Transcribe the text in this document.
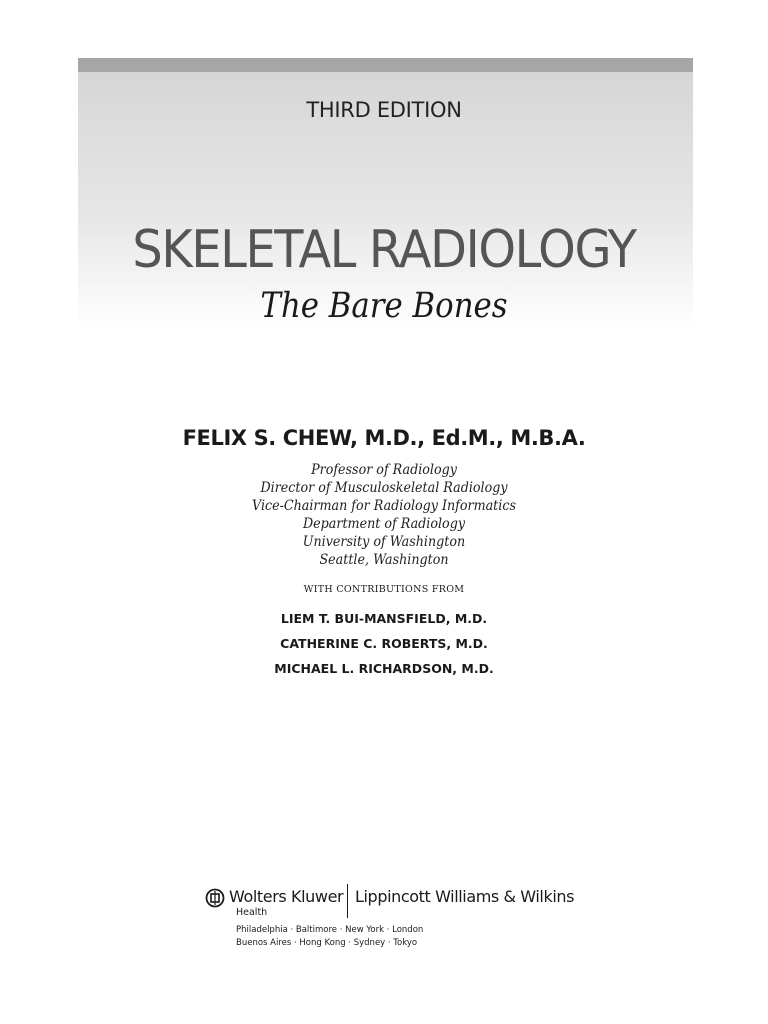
THIRD EDITION
SKELETAL RADIOLOGY
The Bare Bones
FELIX S. CHEW, M.D., Ed.M., M.B.A.
Professor of Radiology
Director of Musculoskeletal Radiology
Vice-Chairman for Radiology Informatics
Department of Radiology
University of Washington
Seattle, Washington
WITH CONTRIBUTIONS FROM
LIEM T. BUI-MANSFIELD, M.D.
CATHERINE C. ROBERTS, M.D.
MICHAEL L. RICHARDSON, M.D.
Wolters Kluwer
Health
Lippincott Williams & Wilkins
Philadelphia · Baltimore · New York · London
Buenos Aires · Hong Kong · Sydney · Tokyo
